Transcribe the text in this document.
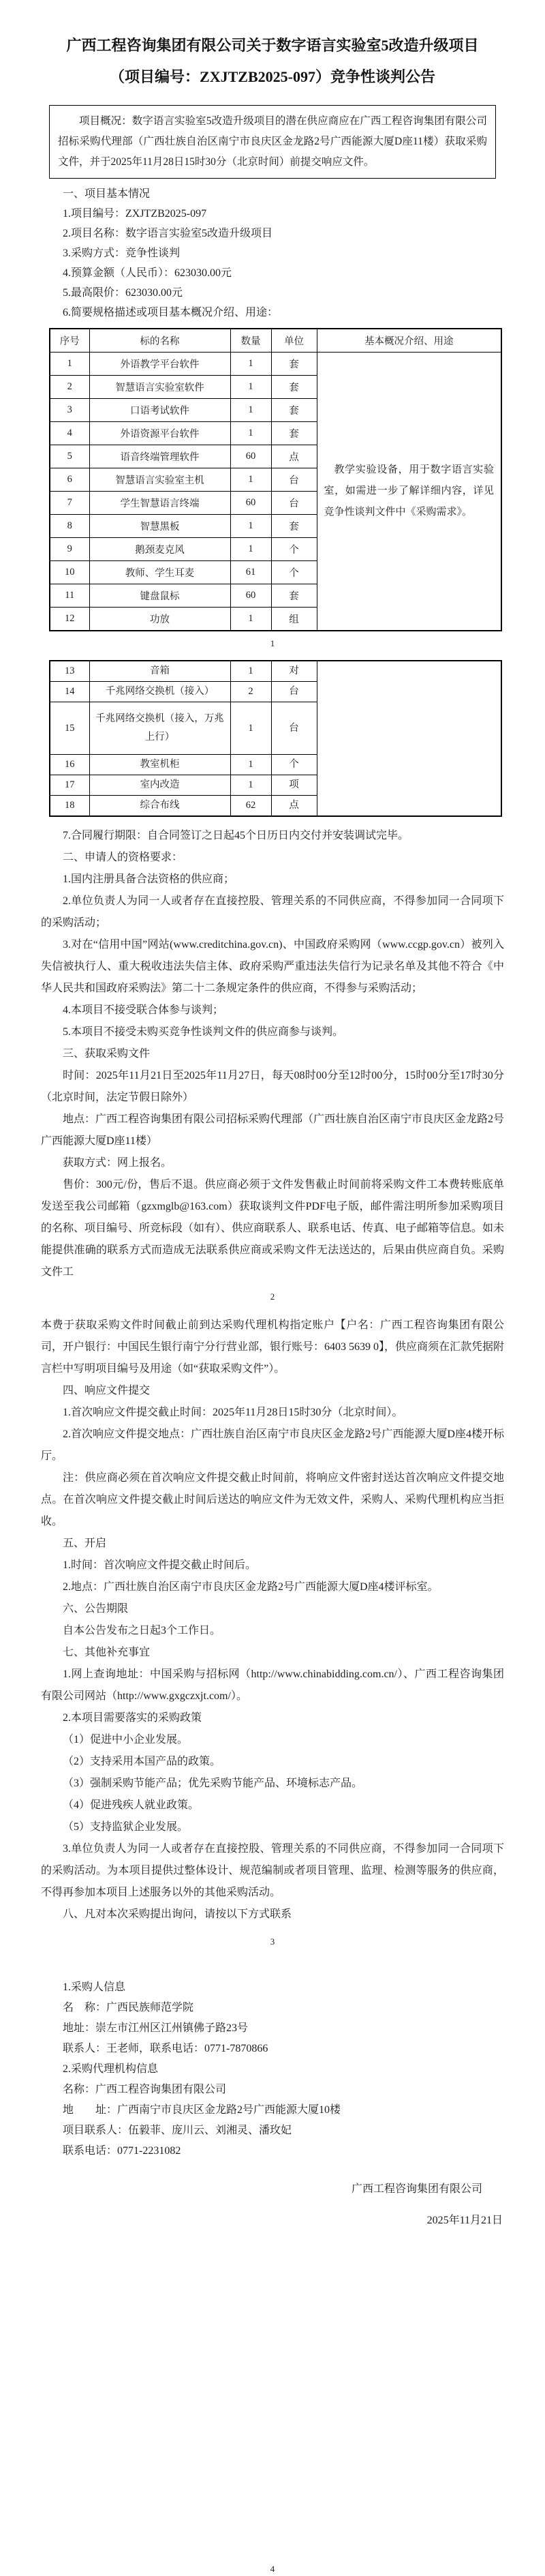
广西工程咨询集团有限公司关于数字语言实验室5改造升级项目
（项目编号：ZXJTZB2025-097）竞争性谈判公告
项目概况：数字语言实验室5改造升级项目的潜在供应商应在广西工程咨询集团有限公司招标采购代理部（广西壮族自治区南宁市良庆区金龙路2号广西能源大厦D座11楼）获取采购文件，并于2025年11月28日15时30分（北京时间）前提交响应文件。

一、项目基本情况

1.项目编号：ZXJTZB2025-097

2.项目名称：数字语言实验室5改造升级项目

3.采购方式：竞争性谈判

4.预算金额（人民币）：623030.00元

5.最高限价：623030.00元

6.简要规格描述或项目基本概况介绍、用途：

序号	标的名称	数量	单位	基本概况介绍、用途
1	外语教学平台软件	1	套	教学实验设备，用于数字语言实验室，如需进一步了解详细内容，详见竞争性谈判文件中《采购需求》。
2	智慧语言实验室软件	1	套	
3	口语考试软件	1	套	
4	外语资源平台软件	1	套	
5	语音终端管理软件	60	点	
6	智慧语言实验室主机	1	台	
7	学生智慧语言终端	60	台	
8	智慧黑板	1	套	
9	鹅颈麦克风	1	个	
10	教师、学生耳麦	61	个	
11	键盘鼠标	60	套	
12	功放	1	组	
1
13	音箱	1	对	
14	千兆网络交换机（接入）	2	台	
15	千兆网络交换机（接入，万兆上行）	1	台	
16	教室机柜	1	个	
17	室内改造	1	项	
18	综合布线	62	点	

7.合同履行期限：自合同签订之日起45个日历日内交付并安装调试完毕。

二、申请人的资格要求：

1.国内注册具备合法资格的供应商；

2.单位负责人为同一人或者存在直接控股、管理关系的不同供应商，不得参加同一合同项下的采购活动；

3.对在“信用中国”网站(www.creditchina.gov.cn)、中国政府采购网（www.ccgp.gov.cn）被列入失信被执行人、重大税收违法失信主体、政府采购严重违法失信行为记录名单及其他不符合《中华人民共和国政府采购法》第二十二条规定条件的供应商，不得参与采购活动；

4.本项目不接受联合体参与谈判；

5.本项目不接受未购买竞争性谈判文件的供应商参与谈判。

三、获取采购文件

时间：2025年11月21日至2025年11月27日，每天08时00分至12时00分，15时00分至17时30分（北京时间，法定节假日除外）

地点：广西工程咨询集团有限公司招标采购代理部（广西壮族自治区南宁市良庆区金龙路2号广西能源大厦D座11楼）

获取方式：网上报名。

售价：300元/份，售后不退。供应商必须于文件发售截止时间前将采购文件工本费转账底单发送至我公司邮箱（gzxmglb@163.com）获取谈判文件PDF电子版，邮件需注明所参加采购项目的名称、项目编号、所竞标段（如有）、供应商联系人、联系电话、传真、电子邮箱等信息。如未能提供准确的联系方式而造成无法联系供应商或采购文件无法送达的，后果由供应商自负。采购文件工

2

本费于获取采购文件时间截止前到达采购代理机构指定账户【户名：广西工程咨询集团有限公司，开户银行：中国民生银行南宁分行营业部，银行账号：6403 5639 0】，供应商须在汇款凭据附言栏中写明项目编号及用途（如“获取采购文件”）。

四、响应文件提交

1.首次响应文件提交截止时间：2025年11月28日15时30分（北京时间）。

2.首次响应文件提交地点：广西壮族自治区南宁市良庆区金龙路2号广西能源大厦D座4楼开标厅。

注：供应商必须在首次响应文件提交截止时间前，将响应文件密封送达首次响应文件提交地点。在首次响应文件提交截止时间后送达的响应文件为无效文件，采购人、采购代理机构应当拒收。

五、开启

1.时间：首次响应文件提交截止时间后。

2.地点：广西壮族自治区南宁市良庆区金龙路2号广西能源大厦D座4楼评标室。

六、公告期限

自本公告发布之日起3个工作日。

七、其他补充事宜

1.网上查询地址：中国采购与招标网（http://www.chinabidding.com.cn/）、广西工程咨询集团有限公司网站（http://www.gxgczxjt.com/）。

2.本项目需要落实的采购政策

（1）促进中小企业发展。

（2）支持采用本国产品的政策。

（3）强制采购节能产品；优先采购节能产品、环境标志产品。

（4）促进残疾人就业政策。

（5）支持监狱企业发展。

3.单位负责人为同一人或者存在直接控股、管理关系的不同供应商，不得参加同一合同项下的采购活动。为本项目提供过整体设计、规范编制或者项目管理、监理、检测等服务的供应商，不得再参加本项目上述服务以外的其他采购活动。

八、凡对本次采购提出询问，请按以下方式联系

3

1.采购人信息

名　称：广西民族师范学院

地址：崇左市江州区江州镇佛子路23号

联系人：王老师，联系电话：0771-7870866

2.采购代理机构信息

名称：广西工程咨询集团有限公司

地　　址：广西南宁市良庆区金龙路2号广西能源大厦10楼

项目联系人：伍毅菲、庞川云、刘湘灵、潘玫妃

联系电话：0771-2231082

广西工程咨询集团有限公司
2025年11月21日
4
